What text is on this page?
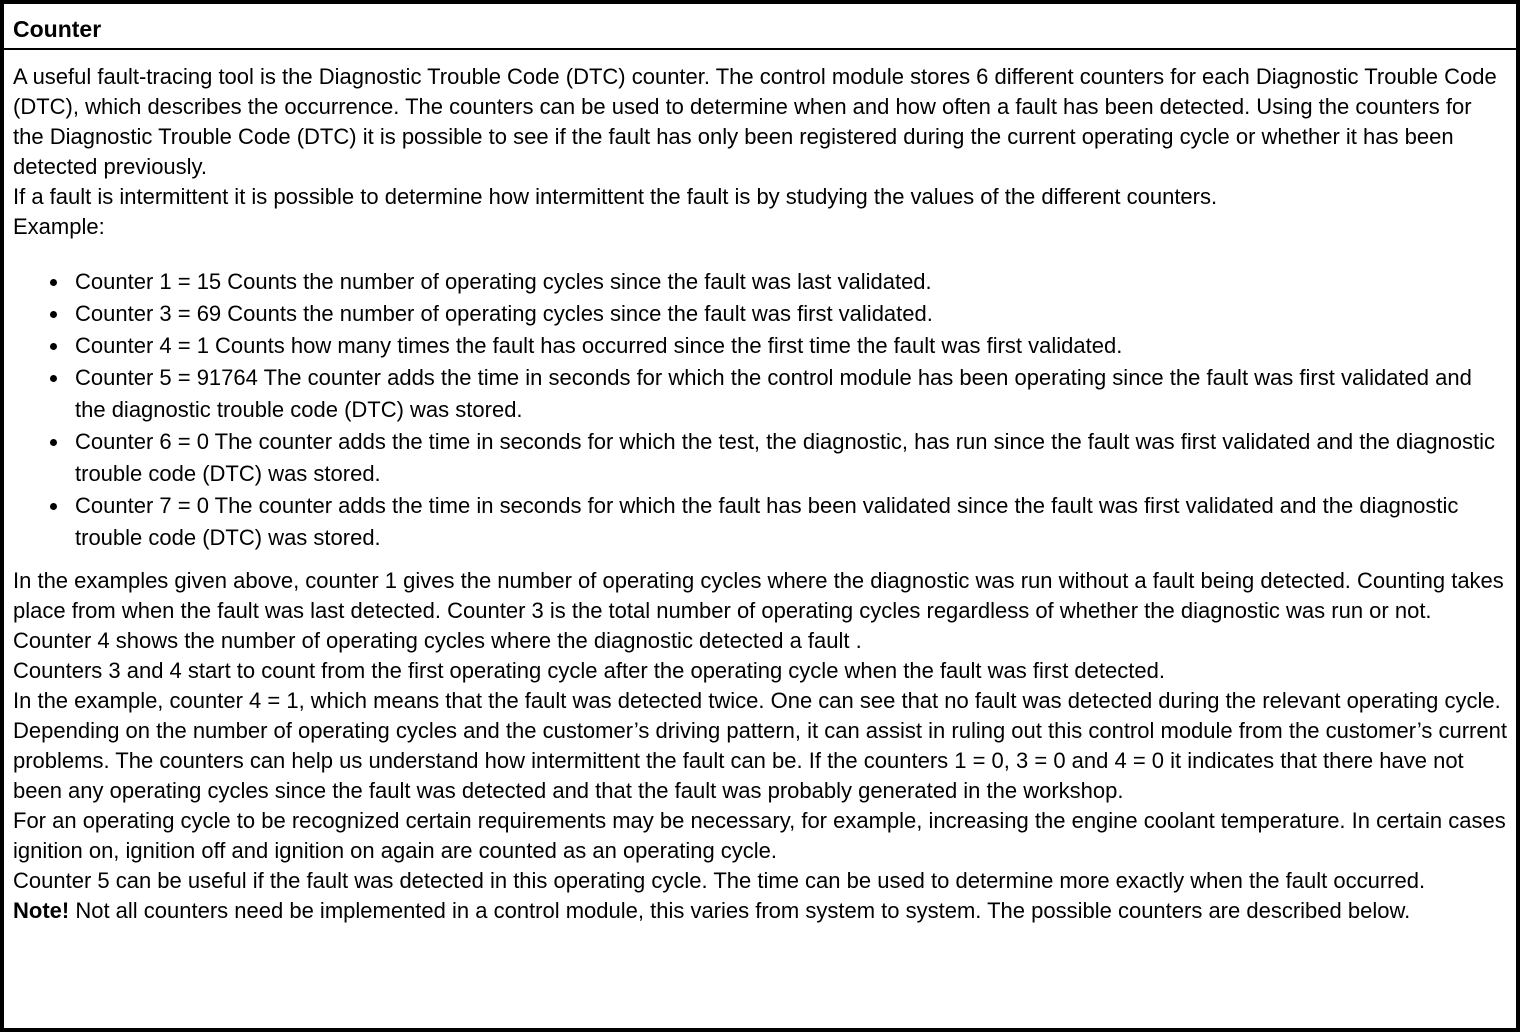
Counter

A useful fault-tracing tool is the Diagnostic Trouble Code (DTC) counter. The control module stores 6 different counters for each Diagnostic Trouble Code (DTC), which describes the occurrence. The counters can be used to determine when and how often a fault has been detected. Using the counters for the Diagnostic Trouble Code (DTC) it is possible to see if the fault has only been registered during the current operating cycle or whether it has been detected previously.

If a fault is intermittent it is possible to determine how intermittent the fault is by studying the values of the different counters.

Example:

• Counter 1 = 15 Counts the number of operating cycles since the fault was last validated.
• Counter 3 = 69 Counts the number of operating cycles since the fault was first validated.
• Counter 4 = 1 Counts how many times the fault has occurred since the first time the fault was first validated.
• Counter 5 = 91764 The counter adds the time in seconds for which the control module has been operating since the fault was first validated and the diagnostic trouble code (DTC) was stored.
• Counter 6 = 0 The counter adds the time in seconds for which the test, the diagnostic, has run since the fault was first validated and the diagnostic trouble code (DTC) was stored.
• Counter 7 = 0 The counter adds the time in seconds for which the fault has been validated since the fault was first validated and the diagnostic trouble code (DTC) was stored.

In the examples given above, counter 1 gives the number of operating cycles where the diagnostic was run without a fault being detected. Counting takes place from when the fault was last detected. Counter 3 is the total number of operating cycles regardless of whether the diagnostic was run or not. Counter 4 shows the number of operating cycles where the diagnostic detected a fault .

Counters 3 and 4 start to count from the first operating cycle after the operating cycle when the fault was first detected.

In the example, counter 4 = 1, which means that the fault was detected twice. One can see that no fault was detected during the relevant operating cycle. Depending on the number of operating cycles and the customer’s driving pattern, it can assist in ruling out this control module from the customer’s current problems. The counters can help us understand how intermittent the fault can be. If the counters 1 = 0, 3 = 0 and 4 = 0 it indicates that there have not been any operating cycles since the fault was detected and that the fault was probably generated in the workshop.

For an operating cycle to be recognized certain requirements may be necessary, for example, increasing the engine coolant temperature. In certain cases ignition on, ignition off and ignition on again are counted as an operating cycle.

Counter 5 can be useful if the fault was detected in this operating cycle. The time can be used to determine more exactly when the fault occurred.

Note! Not all counters need be implemented in a control module, this varies from system to system. The possible counters are described below.
